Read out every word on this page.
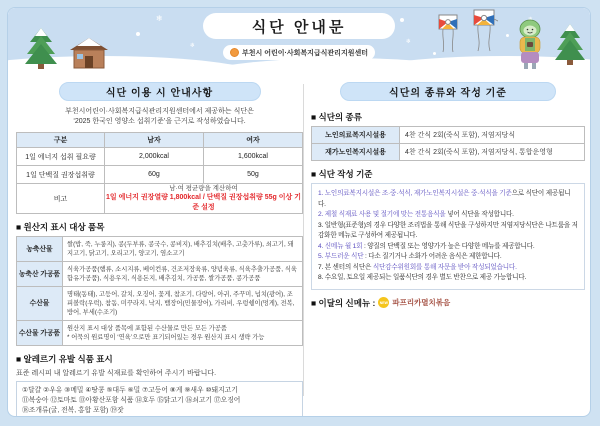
❄
❄
❄
식단 안내문
부천시 어린이·사회복지급식관리지원센터
식단 이용 시 안내사항
부천시어린이·사회복지급식관리지원센터에서 제공하는 식단은
‘2025 한국인 영양소 섭취기준’을 근거로 작성하였습니다.
구분	남자	여자
1일 에너지 섭취 필요량	2,000kcal	1,600kcal
1일 단백질 권장섭취량	60g	50g
비고	남·여 평균량을 계산하여
1일 에너지 권장열량 1,800kcal / 단백질 권장섭취량 55g 이상 기준 설정	
■ 원산지 표시 대상 품목
농축산물	쌀(밥, 죽, 누룽지), 콩(두부류, 콩국수, 콩비지), 배추김치(배추, 고춧가루), 쇠고기, 돼지고기, 닭고기, 오리고기, 양고기, 염소고기
농축산 가공품	식육가공품(햄류, 소시지류, 베이컨류, 건조저장육류, 양념육류, 식육추출가공품, 식육함유가공품), 식용우지, 식용돈지, 배추김치, 가공품, 쌀가공품, 콩가공품
수산물	명태(동태), 고등어, 갈치, 오징어, 꽃게, 참조기, 다랑어, 아귀, 주꾸미, 넙치(광어), 조피볼락(우럭), 참돔, 미꾸라지, 낙지, 뱀장어(민물장어), 가리비, 우렁쉥이(멍게), 전복, 방어, 부세(수조기)
수산물 가공품	원산지 표시 대상 품목에 포함된 수산물로 만든 모든 가공품
* 어묵의 원료명이 ‘연육’으로만 표기되어있는 경우 원산지 표시 생략 가능
■ 알레르기 유발 식품 표시
표준 레시피 내 알레르기 유발 식재료를 확인하여 주시기 바랍니다.
①달걀 ②우유 ③메밀 ④땅콩 ⑤대두 ⑥밀 ⑦고등어 ⑧게 ⑨새우 ⑩돼지고기
⑪복숭아 ⑫토마토 ⑬아황산포함 식품 ⑭호두 ⑮닭고기 ⑯쇠고기 ⑰오징어
⑱조개류(굴, 전복, 홍합 포함) ⑲잣
식단의 종류와 작성 기준
■ 식단의 종류
노인의료복지시설용	4찬 간식 2회(죽식 포함), 저염저당식
재가노인복지시설용	4찬 간식 2회(죽식 포함), 저염저당식, 통합운영형
■ 식단 작성 기준
1. 노인의료복지시설은 조·중·석식, 재가노인복지시설은 중·석식을 기준으로 식단이 제공됩니다.
2. 제철 식재료 사용 및 절기에 맞는 전통음식을 넣어 식단을 작성합니다.
3. 일반형(표준형)의 경우 다양한 조리법을 통해 식단을 구성하지만 저염저당식단은 나트륨을 저감화한 메뉴로 구성하여 제공됩니다.
4. 신메뉴 월 1회 : 양질의 단백질 또는 영양가가 높은 다양한 메뉴를 제공합니다.
5. 부드러운 식단 : 다소 질기거나 소화가 어려운 음식은 제한합니다.
7. 본 센터의 식단은 식단감수위원회를 통해 자문을 받아 작성되었습니다.
8. 수요일, 토요일 제공되는 일품식단의 경우 별도 반찬으로 제공 가능합니다.
■ 이달의 신메뉴 :	NEW 파프리카멸치볶음
